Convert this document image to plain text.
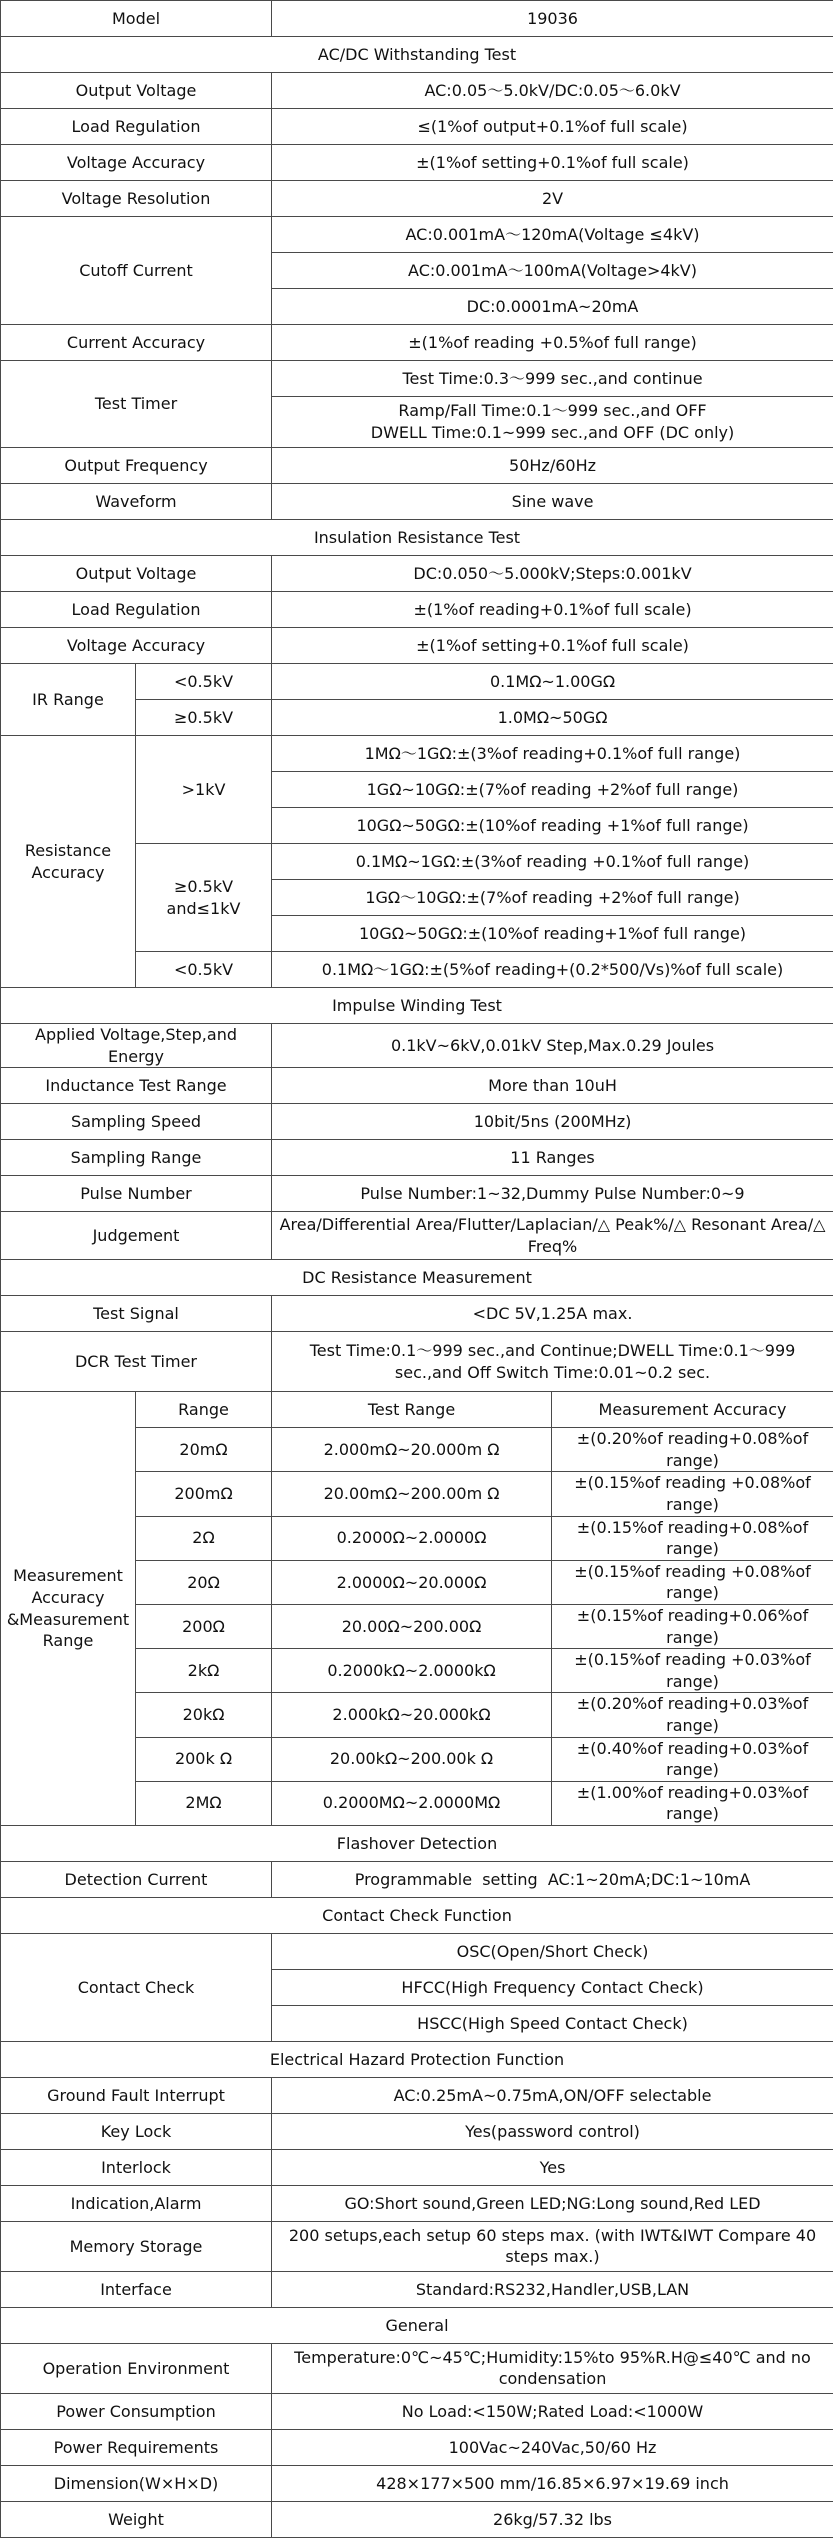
Model		19036	
AC/DC Withstanding Test			
Output Voltage		AC:0.05～5.0kV/DC:0.05～6.0kV	
Load Regulation		≤(1%of output+0.1%of full scale)	
Voltage Accuracy		±(1%of setting+0.1%of full scale)	
Voltage Resolution		2V	
Cutoff Current		AC:0.001mA～120mA(Voltage ≤4kV)	
		AC:0.001mA～100mA(Voltage>4kV)	
		DC:0.0001mA~20mA	
Current Accuracy		±(1%of reading +0.5%of full range)	
Test Timer		Test Time:0.3～999 sec.,and continue	
		Ramp/Fall Time:0.1～999 sec.,and OFF
DWELL Time:0.1~999 sec.,and OFF (DC only)	
Output Frequency		50Hz/60Hz	
Waveform		Sine wave	
Insulation Resistance Test			
Output Voltage		DC:0.050～5.000kV;Steps:0.001kV	
Load Regulation		±(1%of reading+0.1%of full scale)	
Voltage Accuracy		±(1%of setting+0.1%of full scale)	
IR Range	<0.5kV	0.1MΩ~1.00GΩ	
	≥0.5kV	1.0MΩ~50GΩ	
Resistance Accuracy	>1kV	1MΩ～1GΩ:±(3%of reading+0.1%of full range)	
		1GΩ~10GΩ:±(7%of reading +2%of full range)	
		10GΩ~50GΩ:±(10%of reading +1%of full range)	
	≥0.5kV and≤1kV	0.1MΩ~1GΩ:±(3%of reading +0.1%of full range)	
		1GΩ～10GΩ:±(7%of reading +2%of full range)	
		10GΩ~50GΩ:±(10%of reading+1%of full range)	
	<0.5kV	0.1MΩ～1GΩ:±(5%of reading+(0.2*500/Vs)%of full scale)	
Impulse Winding Test			
Applied Voltage,Step,and Energy		0.1kV~6kV,0.01kV Step,Max.0.29 Joules	
Inductance Test Range		More than 10uH	
Sampling Speed		10bit/5ns (200MHz)	
Sampling Range		11 Ranges	
Pulse Number		Pulse Number:1~32,Dummy Pulse Number:0~9	
Judgement		Area/Differential Area/Flutter/Laplacian/△ Peak%/△ Resonant Area/△ Freq%	
DC Resistance Measurement			
Test Signal		<DC 5V,1.25A max.	
DCR Test Timer		Test Time:0.1～999 sec.,and Continue;DWELL Time:0.1～999 sec.,and Off Switch Time:0.01~0.2 sec.	
Measurement Accuracy &Measurement Range	Range	Test Range	Measurement Accuracy
	20mΩ	2.000mΩ~20.000m Ω	±(0.20%of reading+0.08%of range)
	200mΩ	20.00mΩ~200.00m Ω	±(0.15%of reading +0.08%of range)
	2Ω	0.2000Ω~2.0000Ω	±(0.15%of reading+0.08%of range)
	20Ω	2.0000Ω~20.000Ω	±(0.15%of reading +0.08%of range)
	200Ω	20.00Ω~200.00Ω	±(0.15%of reading+0.06%of range)
	2kΩ	0.2000kΩ~2.0000kΩ	±(0.15%of reading +0.03%of range)
	20kΩ	2.000kΩ~20.000kΩ	±(0.20%of reading+0.03%of range)
	200k Ω	20.00kΩ~200.00k Ω	±(0.40%of reading+0.03%of range)
	2MΩ	0.2000MΩ~2.0000MΩ	±(1.00%of reading+0.03%of range)
Flashover Detection			
Detection Current		Programmable  setting  AC:1~20mA;DC:1~10mA	
Contact Check Function			
Contact Check		OSC(Open/Short Check)	
		HFCC(High Frequency Contact Check)	
		HSCC(High Speed Contact Check)	
Electrical Hazard Protection Function			
Ground Fault Interrupt		AC:0.25mA~0.75mA,ON/OFF selectable	
Key Lock		Yes(password control)	
Interlock		Yes	
Indication,Alarm		GO:Short sound,Green LED;NG:Long sound,Red LED	
Memory Storage		200 setups,each setup 60 steps max. (with IWT&IWT Compare 40 steps max.)	
Interface		Standard:RS232,Handler,USB,LAN	
General			
Operation Environment		Temperature:0℃~45℃;Humidity:15%to 95%R.H@≤40℃ and no condensation	
Power Consumption		No Load:<150W;Rated Load:<1000W	
Power Requirements		100Vac~240Vac,50/60 Hz	
Dimension(W×H×D)		428×177×500 mm/16.85×6.97×19.69 inch	
Weight		26kg/57.32 lbs	
